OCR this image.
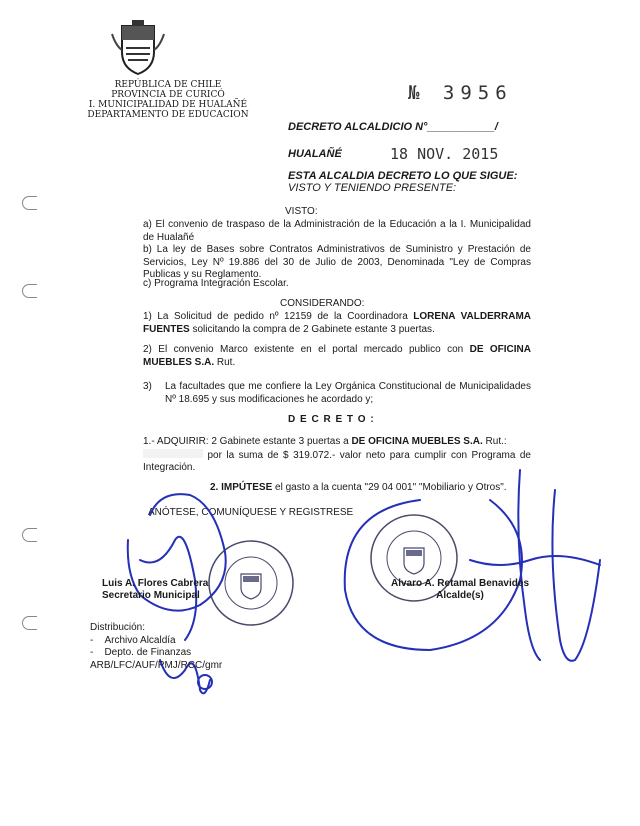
REPÚBLICA DE CHILE
PROVINCIA DE CURICÓ
I. MUNICIPALIDAD DE HUALAÑÉ
DEPARTAMENTO DE EDUCACION
№ 3956
DECRETO ALCALDICIO N°___________/
HUALAÑÉ	18 NOV. 2015
ESTA ALCALDIA DECRETO LO QUE SIGUE:
VISTO Y TENIENDO PRESENTE:
VISTO:
a) El convenio de traspaso de la Administración de la Educación a la I. Municipalidad de Hualañé
b) La ley de Bases sobre Contratos Administrativos de Suministro y Prestación de Servicios, Ley Nº 19.886 del 30 de Julio de 2003, Denominada "Ley de Compras Publicas y su Reglamento.
c) Programa Integración Escolar.
CONSIDERANDO:
1) La Solicitud de pedido nº 12159 de la Coordinadora LORENA VALDERRAMA FUENTES solicitando la compra de 2 Gabinete estante 3 puertas.
2) El convenio Marco existente en el portal mercado publico con DE OFICINA MUEBLES S.A. Rut.
3) La facultades que me confiere la Ley Orgánica Constitucional de Municipalidades Nº 18.695 y sus modificaciones he acordado y;
D E C R E T O :
1.- ADQUIRIR: 2 Gabinete estante 3 puertas a DE OFICINA MUEBLES S.A. Rut.:
por la suma de $ 319.072.- valor neto para cumplir con Programa de Integración.
2. IMPÚTESE el gasto a la cuenta "29 04 001" "Mobiliario y Otros".
ANÓTESE, COMUNÍQUESE Y REGISTRESE
Luis A. Flores Cabrera
Secretario Municipal
Alvaro A. Retamal Benavides
Alcalde(s)
Distribución:
-    Archivo Alcaldía
-    Depto. de Finanzas
ARB/LFC/AUF/PMJ/RCC/gmr
